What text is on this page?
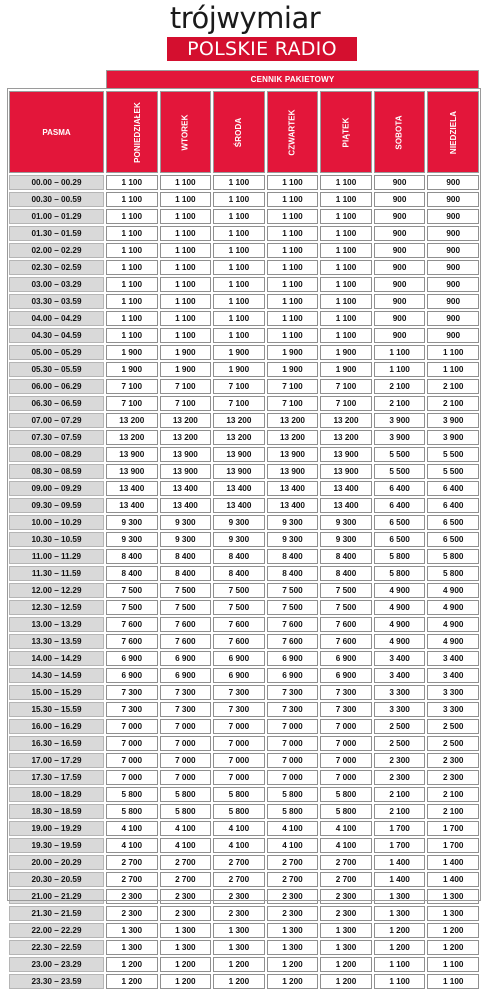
trójwymiar
POLSKIE RADIO
	CENNIK PAKIETOWY						
PASMA	PONIEDZIAŁEK	WTOREK	ŚRODA	CZWARTEK	PIĄTEK	SOBOTA	NIEDZIELA
00.00 – 00.29	1 100	1 100	1 100	1 100	1 100	900	900
00.30 – 00.59	1 100	1 100	1 100	1 100	1 100	900	900
01.00 – 01.29	1 100	1 100	1 100	1 100	1 100	900	900
01.30 – 01.59	1 100	1 100	1 100	1 100	1 100	900	900
02.00 – 02.29	1 100	1 100	1 100	1 100	1 100	900	900
02.30 – 02.59	1 100	1 100	1 100	1 100	1 100	900	900
03.00 – 03.29	1 100	1 100	1 100	1 100	1 100	900	900
03.30 – 03.59	1 100	1 100	1 100	1 100	1 100	900	900
04.00 – 04.29	1 100	1 100	1 100	1 100	1 100	900	900
04.30 – 04.59	1 100	1 100	1 100	1 100	1 100	900	900
05.00 – 05.29	1 900	1 900	1 900	1 900	1 900	1 100	1 100
05.30 – 05.59	1 900	1 900	1 900	1 900	1 900	1 100	1 100
06.00 – 06.29	7 100	7 100	7 100	7 100	7 100	2 100	2 100
06.30 – 06.59	7 100	7 100	7 100	7 100	7 100	2 100	2 100
07.00 – 07.29	13 200	13 200	13 200	13 200	13 200	3 900	3 900
07.30 – 07.59	13 200	13 200	13 200	13 200	13 200	3 900	3 900
08.00 – 08.29	13 900	13 900	13 900	13 900	13 900	5 500	5 500
08.30 – 08.59	13 900	13 900	13 900	13 900	13 900	5 500	5 500
09.00 – 09.29	13 400	13 400	13 400	13 400	13 400	6 400	6 400
09.30 – 09.59	13 400	13 400	13 400	13 400	13 400	6 400	6 400
10.00 – 10.29	9 300	9 300	9 300	9 300	9 300	6 500	6 500
10.30 – 10.59	9 300	9 300	9 300	9 300	9 300	6 500	6 500
11.00 – 11.29	8 400	8 400	8 400	8 400	8 400	5 800	5 800
11.30 – 11.59	8 400	8 400	8 400	8 400	8 400	5 800	5 800
12.00 – 12.29	7 500	7 500	7 500	7 500	7 500	4 900	4 900
12.30 – 12.59	7 500	7 500	7 500	7 500	7 500	4 900	4 900
13.00 – 13.29	7 600	7 600	7 600	7 600	7 600	4 900	4 900
13.30 – 13.59	7 600	7 600	7 600	7 600	7 600	4 900	4 900
14.00 – 14.29	6 900	6 900	6 900	6 900	6 900	3 400	3 400
14.30 – 14.59	6 900	6 900	6 900	6 900	6 900	3 400	3 400
15.00 – 15.29	7 300	7 300	7 300	7 300	7 300	3 300	3 300
15.30 – 15.59	7 300	7 300	7 300	7 300	7 300	3 300	3 300
16.00 – 16.29	7 000	7 000	7 000	7 000	7 000	2 500	2 500
16.30 – 16.59	7 000	7 000	7 000	7 000	7 000	2 500	2 500
17.00 – 17.29	7 000	7 000	7 000	7 000	7 000	2 300	2 300
17.30 – 17.59	7 000	7 000	7 000	7 000	7 000	2 300	2 300
18.00 – 18.29	5 800	5 800	5 800	5 800	5 800	2 100	2 100
18.30 – 18.59	5 800	5 800	5 800	5 800	5 800	2 100	2 100
19.00 – 19.29	4 100	4 100	4 100	4 100	4 100	1 700	1 700
19.30 – 19.59	4 100	4 100	4 100	4 100	4 100	1 700	1 700
20.00 – 20.29	2 700	2 700	2 700	2 700	2 700	1 400	1 400
20.30 – 20.59	2 700	2 700	2 700	2 700	2 700	1 400	1 400
21.00 – 21.29	2 300	2 300	2 300	2 300	2 300	1 300	1 300
21.30 – 21.59	2 300	2 300	2 300	2 300	2 300	1 300	1 300
22.00 – 22.29	1 300	1 300	1 300	1 300	1 300	1 200	1 200
22.30 – 22.59	1 300	1 300	1 300	1 300	1 300	1 200	1 200
23.00 – 23.29	1 200	1 200	1 200	1 200	1 200	1 100	1 100
23.30 – 23.59	1 200	1 200	1 200	1 200	1 200	1 100	1 100
